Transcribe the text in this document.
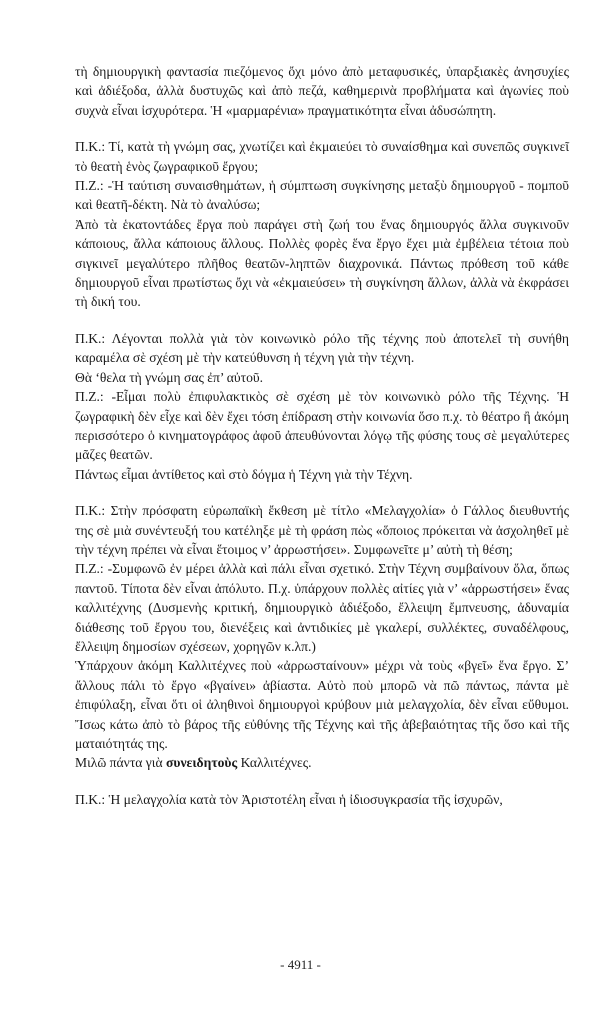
τὴ δημιουργικὴ φαντασία πιεζόμενος ὄχι μόνο ἀπὸ μεταφυσικές, ὑπαρξιακὲς ἀνησυχίες καὶ ἀδιέξοδα, ἀλλὰ δυστυχῶς καὶ ἀπὸ πεζά, καθημερινὰ προβλήματα καὶ ἀγωνίες ποὺ συχνὰ εἶναι ἰσχυρότερα. Ἡ «μαρμαρένια» πραγματικότητα εἶναι ἀδυσώπητη.

Π.Κ.: Τί, κατὰ τὴ γνώμη σας, χνωτίζει καὶ ἐκμαιεύει τὸ συναίσθημα καὶ συνεπῶς συγκινεῖ τὸ θεατὴ ἑνὸς ζωγραφικοῦ ἔργου;

Π.Ζ.: -Ἡ ταύτιση συναισθημάτων, ἡ σύμπτωση συγκίνησης μεταξὺ δημιουργοῦ - πομποῦ καὶ θεατῆ-δέκτη. Νὰ τὸ ἀναλύσω;

Ἀπὸ τὰ ἑκατοντάδες ἔργα ποὺ παράγει στὴ ζωή του ἕνας δημιουργός ἄλλα συγκινοῦν κάποιους, ἄλλα κάποιους ἄλλους. Πολλὲς φορὲς ἕνα ἔργο ἔχει μιὰ ἐμβέλεια τέτοια ποὺ σιγκινεῖ μεγαλύτερο πλῆθος θεατῶν-ληπτῶν διαχρονικά. Πάντως πρόθεση τοῦ κάθε δημιουργοῦ εἶναι πρωτίστως ὄχι νὰ «ἐκμαιεύσει» τὴ συγκίνηση ἄλλων, ἀλλὰ νὰ ἐκφράσει τὴ δική του.

Π.Κ.: Λέγονται πολλὰ γιὰ τὸν κοινωνικὸ ρόλο τῆς τέχνης ποὺ ἀποτελεῖ τὴ συνήθη καραμέλα σὲ σχέση μὲ τὴν κατεύθυνση ἡ τέχνη γιὰ τὴν τέχνη.

Θὰ ‘θελα τὴ γνώμη σας ἐπ’ αὐτοῦ.

Π.Ζ.: -Εἶμαι πολὺ ἐπιφυλακτικὸς σὲ σχέση μὲ τὸν κοινωνικὸ ρόλο τῆς Τέχνης. Ἡ ζωγραφικὴ δὲν εἶχε καὶ δὲν ἔχει τόση ἐπίδραση στὴν κοινωνία ὅσο π.χ. τὸ θέατρο ἢ ἀκόμη περισσότερο ὁ κινηματογράφος ἀφοῦ ἀπευθύνονται λόγῳ τῆς φύσης τους σὲ μεγαλύτερες μᾶζες θεατῶν.

Πάντως εἶμαι ἀντίθετος καὶ στὸ δόγμα ἡ Τέχνη γιὰ τὴν Τέχνη.

Π.Κ.: Στὴν πρόσφατη εὐρωπαϊκὴ ἔκθεση μὲ τίτλο «Μελαγχολία» ὁ Γάλλος διευθυντής της σὲ μιὰ συνέντευξή του κατέληξε μὲ τὴ φράση πὼς «ὅποιος πρόκειται νὰ ἀσχοληθεῖ μὲ τὴν τέχνη πρέπει νὰ εἶναι ἕτοιμος ν’ ἀρρωστήσει». Συμφωνεῖτε μ’ αὐτὴ τὴ θέση;

Π.Ζ.: -Συμφωνῶ ἐν μέρει ἀλλὰ καὶ πάλι εἶναι σχετικό. Στὴν Τέχνη συμβαίνουν ὅλα, ὅπως παντοῦ. Τίποτα δὲν εἶναι ἀπόλυτο. Π.χ. ὑπάρχουν πολλὲς αἰτίες γιὰ ν’ «ἀρρωστήσει» ἕνας καλλιτέχνης (Δυσμενὴς κριτική, δημιουργικὸ ἀδιέξοδο, ἔλλειψη ἔμπνευσης, ἀδυναμία διάθεσης τοῦ ἔργου του, διενέξεις καὶ ἀντιδικίες μὲ γκαλερί, συλλέκτες, συναδέλφους, ἔλλειψη δημοσίων σχέσεων, χορηγῶν κ.λπ.)

Ὑπάρχουν ἀκόμη Καλλιτέχνες ποὺ «ἀρρωσταίνουν» μέχρι νὰ τοὺς «βγεῖ» ἕνα ἔργο. Σ’ ἄλλους πάλι τὸ ἔργο «βγαίνει» ἀβίαστα. Αὐτὸ ποὺ μπορῶ νὰ πῶ πάντως, πάντα μὲ ἐπιφύλαξη, εἶναι ὅτι οἱ ἀληθινοὶ δημιουργοὶ κρύβουν μιὰ μελαγχολία, δὲν εἶναι εὔθυμοι. Ἴσως κάτω ἀπὸ τὸ βάρος τῆς εὐθύνης τῆς Τέχνης καὶ τῆς ἀβεβαιότητας τῆς ὅσο καὶ τῆς ματαιότητάς της.

Μιλῶ πάντα γιὰ συνειδητοὺς Καλλιτέχνες.

Π.Κ.: Ἡ μελαγχολία κατὰ τὸν Ἀριστοτέλη εἶναι ἡ ἰδιοσυγκρασία τῆς ἰσχυρῶν,

- 4911 -
